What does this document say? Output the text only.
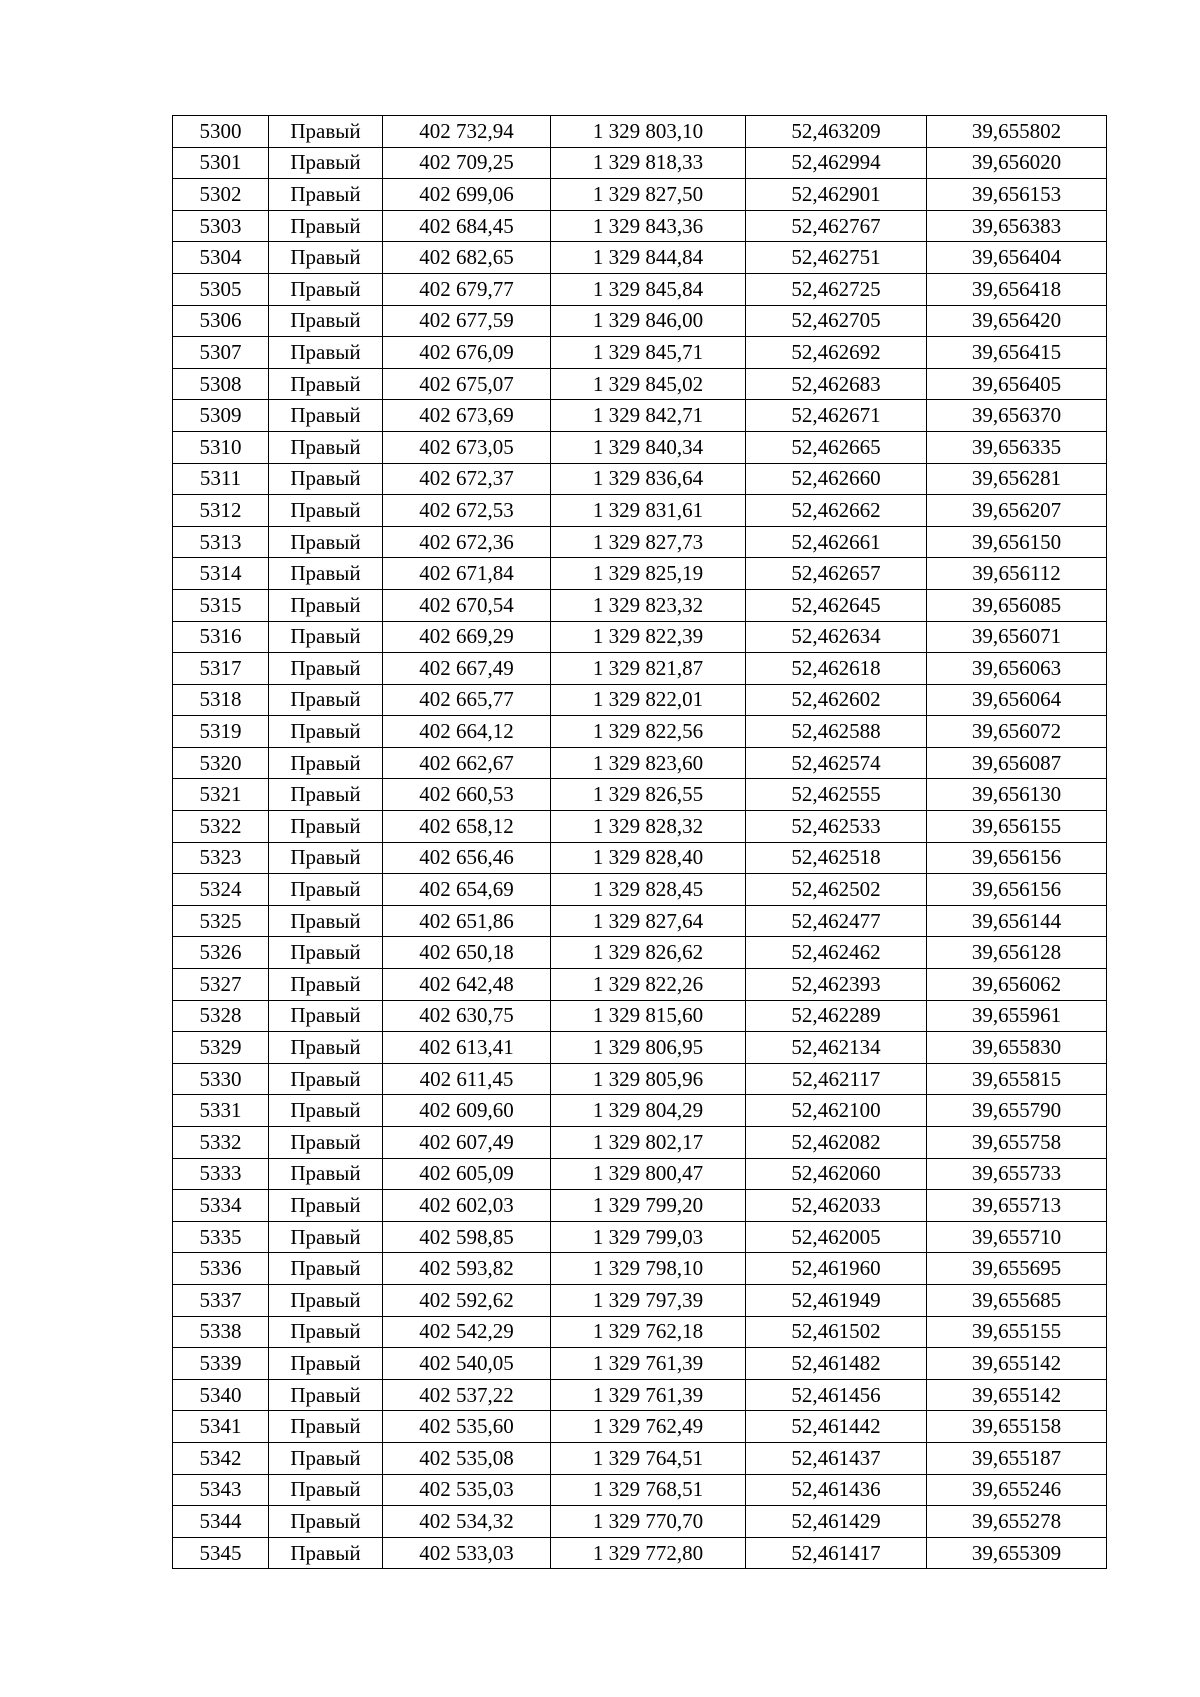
5300	Правый	402 732,94	1 329 803,10	52,463209	39,655802
5301	Правый	402 709,25	1 329 818,33	52,462994	39,656020
5302	Правый	402 699,06	1 329 827,50	52,462901	39,656153
5303	Правый	402 684,45	1 329 843,36	52,462767	39,656383
5304	Правый	402 682,65	1 329 844,84	52,462751	39,656404
5305	Правый	402 679,77	1 329 845,84	52,462725	39,656418
5306	Правый	402 677,59	1 329 846,00	52,462705	39,656420
5307	Правый	402 676,09	1 329 845,71	52,462692	39,656415
5308	Правый	402 675,07	1 329 845,02	52,462683	39,656405
5309	Правый	402 673,69	1 329 842,71	52,462671	39,656370
5310	Правый	402 673,05	1 329 840,34	52,462665	39,656335
5311	Правый	402 672,37	1 329 836,64	52,462660	39,656281
5312	Правый	402 672,53	1 329 831,61	52,462662	39,656207
5313	Правый	402 672,36	1 329 827,73	52,462661	39,656150
5314	Правый	402 671,84	1 329 825,19	52,462657	39,656112
5315	Правый	402 670,54	1 329 823,32	52,462645	39,656085
5316	Правый	402 669,29	1 329 822,39	52,462634	39,656071
5317	Правый	402 667,49	1 329 821,87	52,462618	39,656063
5318	Правый	402 665,77	1 329 822,01	52,462602	39,656064
5319	Правый	402 664,12	1 329 822,56	52,462588	39,656072
5320	Правый	402 662,67	1 329 823,60	52,462574	39,656087
5321	Правый	402 660,53	1 329 826,55	52,462555	39,656130
5322	Правый	402 658,12	1 329 828,32	52,462533	39,656155
5323	Правый	402 656,46	1 329 828,40	52,462518	39,656156
5324	Правый	402 654,69	1 329 828,45	52,462502	39,656156
5325	Правый	402 651,86	1 329 827,64	52,462477	39,656144
5326	Правый	402 650,18	1 329 826,62	52,462462	39,656128
5327	Правый	402 642,48	1 329 822,26	52,462393	39,656062
5328	Правый	402 630,75	1 329 815,60	52,462289	39,655961
5329	Правый	402 613,41	1 329 806,95	52,462134	39,655830
5330	Правый	402 611,45	1 329 805,96	52,462117	39,655815
5331	Правый	402 609,60	1 329 804,29	52,462100	39,655790
5332	Правый	402 607,49	1 329 802,17	52,462082	39,655758
5333	Правый	402 605,09	1 329 800,47	52,462060	39,655733
5334	Правый	402 602,03	1 329 799,20	52,462033	39,655713
5335	Правый	402 598,85	1 329 799,03	52,462005	39,655710
5336	Правый	402 593,82	1 329 798,10	52,461960	39,655695
5337	Правый	402 592,62	1 329 797,39	52,461949	39,655685
5338	Правый	402 542,29	1 329 762,18	52,461502	39,655155
5339	Правый	402 540,05	1 329 761,39	52,461482	39,655142
5340	Правый	402 537,22	1 329 761,39	52,461456	39,655142
5341	Правый	402 535,60	1 329 762,49	52,461442	39,655158
5342	Правый	402 535,08	1 329 764,51	52,461437	39,655187
5343	Правый	402 535,03	1 329 768,51	52,461436	39,655246
5344	Правый	402 534,32	1 329 770,70	52,461429	39,655278
5345	Правый	402 533,03	1 329 772,80	52,461417	39,655309
